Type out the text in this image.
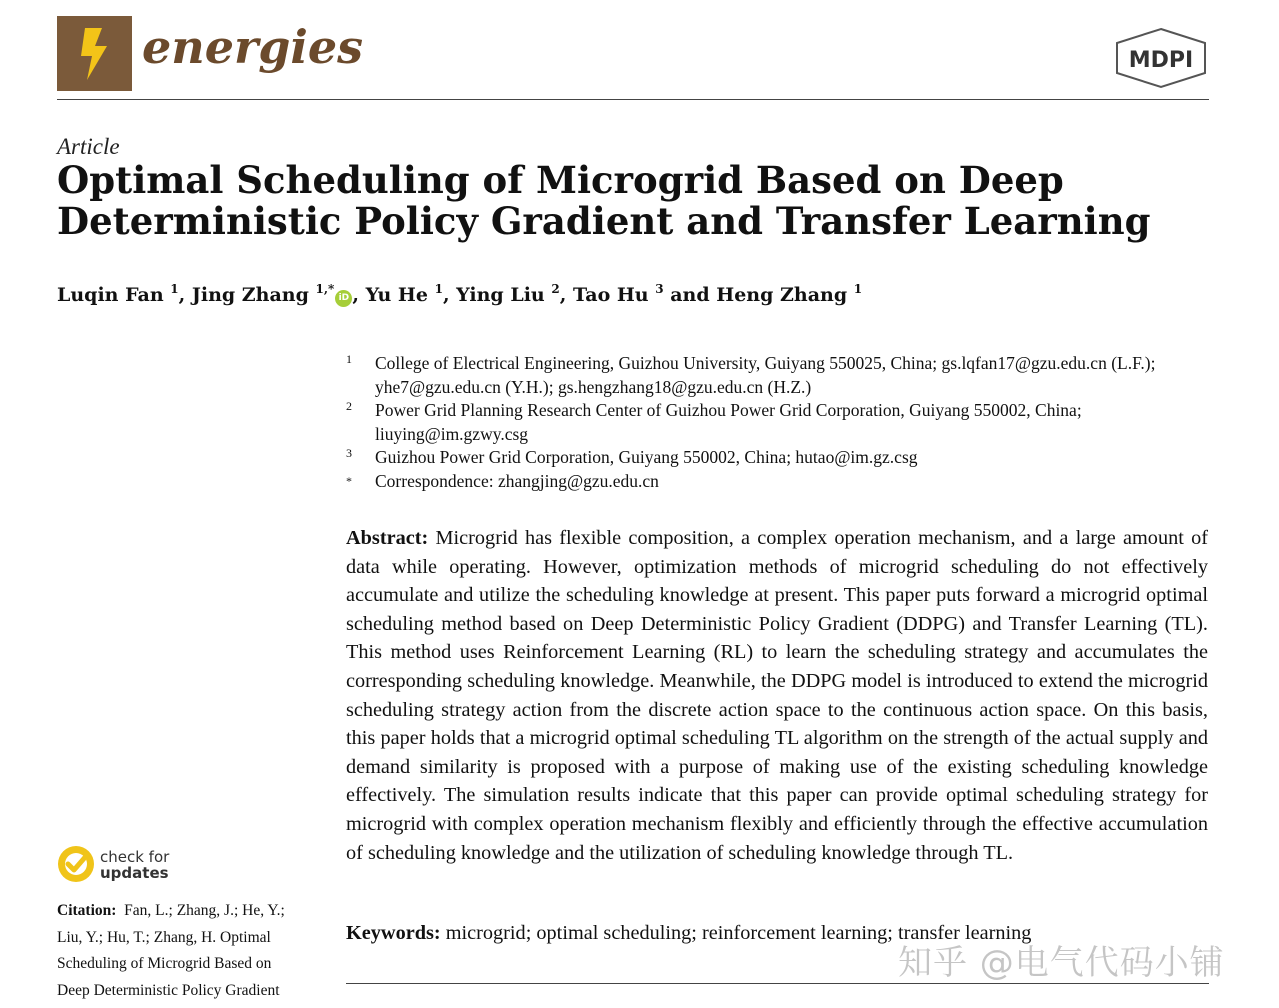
energies	MDPI
Article
Optimal Scheduling of Microgrid Based on Deep Deterministic Policy Gradient and Transfer Learning
Luqin Fan $^1$, Jing Zhang $^{1,*}$iD , Yu He $^1$, Ying Liu $^2$, Tao Hu $^3$ and Heng Zhang $^1$
1 College of Electrical Engineering, Guizhou University, Guiyang 550025, China; gs.lqfan17@gzu.edu.cn (L.F.);
yhe7@gzu.edu.cn (Y.H.); gs.hengzhang18@gzu.edu.cn (H.Z.)
2 Power Grid Planning Research Center of Guizhou Power Grid Corporation, Guiyang 550002, China;
liuying@im.gzwy.csg
3 Guizhou Power Grid Corporation, Guiyang 550002, China; hutao@im.gz.csg
* Correspondence: zhangjing@gzu.edu.cn
Abstract: Microgrid has flexible composition, a complex operation mechanism, and a large amount of data while operating. However, optimization methods of microgrid scheduling do not effectively accumulate and utilize the scheduling knowledge at present. This paper puts forward a microgrid optimal scheduling method based on Deep Deterministic Policy Gradient (DDPG) and Transfer Learning (TL). This method uses Reinforcement Learning (RL) to learn the scheduling strategy and accumulates the corresponding scheduling knowledge. Meanwhile, the DDPG model is introduced to extend the microgrid scheduling strategy action from the discrete action space to the continuous action space. On this basis, this paper holds that a microgrid optimal scheduling TL algorithm on the strength of the actual supply and demand similarity is proposed with a purpose of making use of the existing scheduling knowledge effectively. The simulation results indicate that this paper can provide optimal scheduling strategy for microgrid with complex operation mechanism flexibly and efficiently through the effective accumulation of scheduling knowledge and the utilization of scheduling knowledge through TL.
Keywords: microgrid; optimal scheduling; reinforcement learning; transfer learning
check for
updates
Citation: Fan, L.; Zhang, J.; He, Y.;
Liu, Y.; Hu, T.; Zhang, H. Optimal
Scheduling of Microgrid Based on
Deep Deterministic Policy Gradient
知乎 @电气代码小铺
